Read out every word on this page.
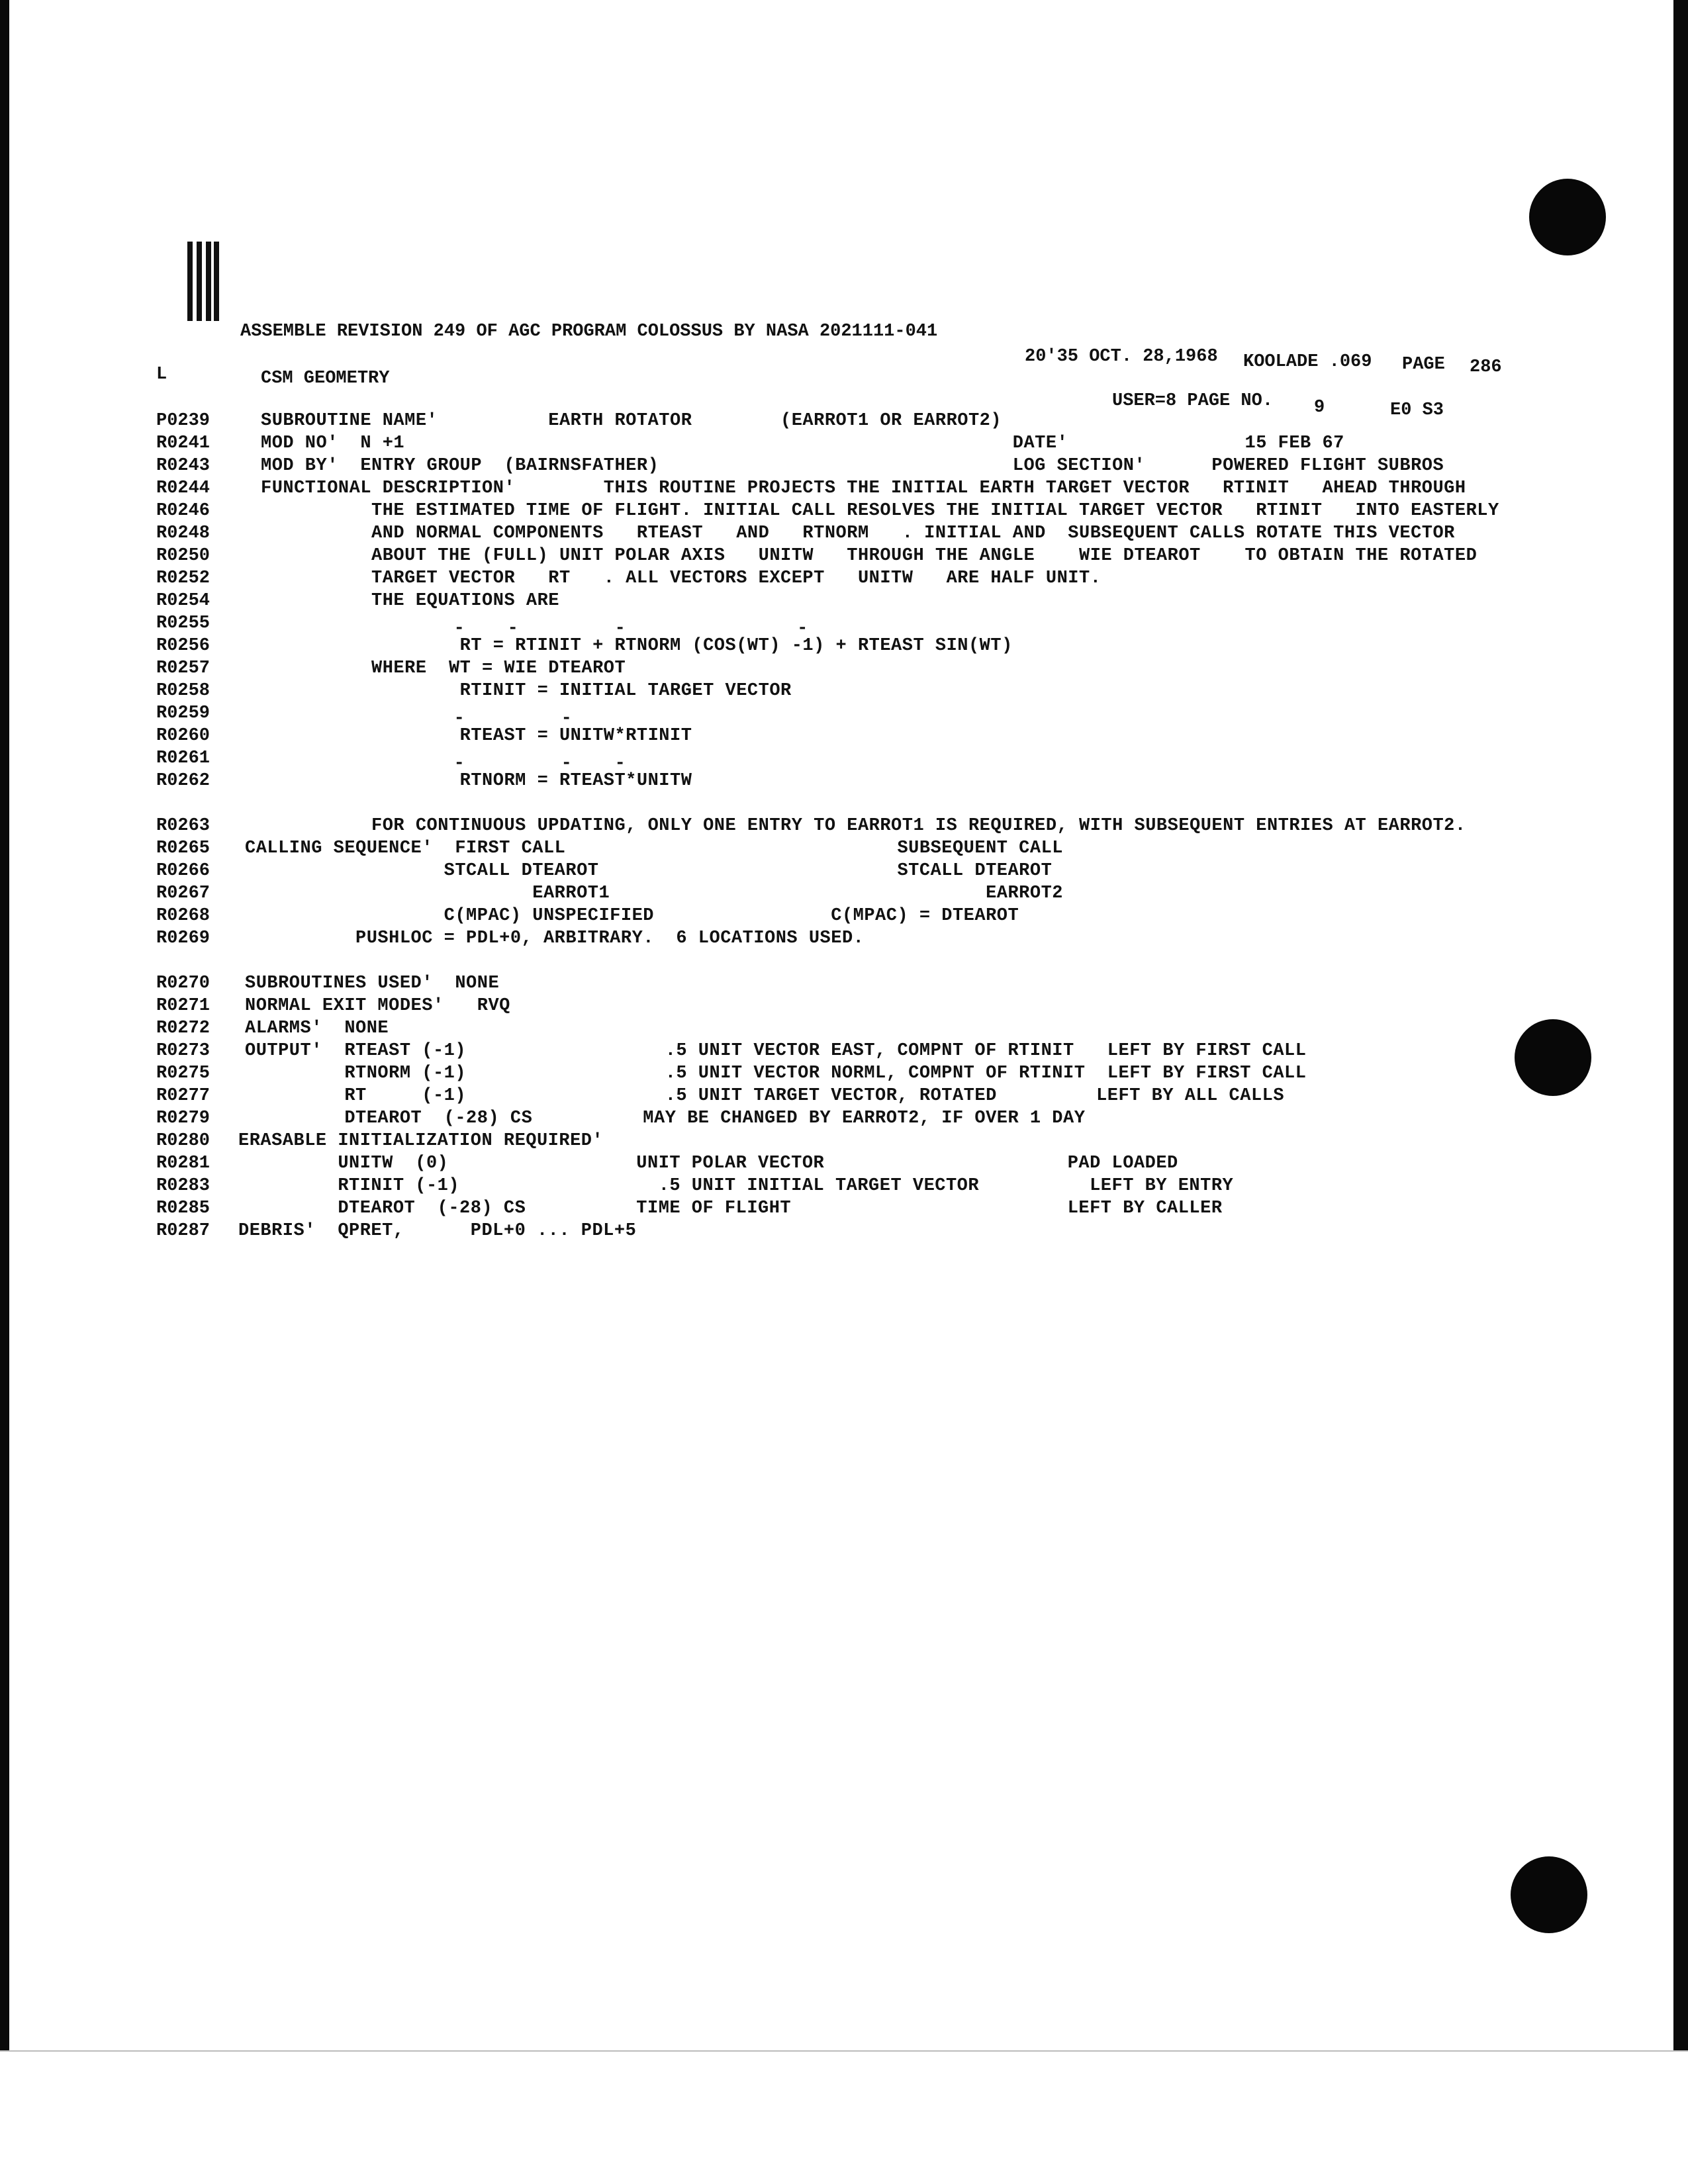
ASSEMBLE REVISION 249 OF AGC PROGRAM COLOSSUS BY NASA 2021111-041
20'35 OCT. 28,1968 KOOLADE .069 PAGE 286
L	CSM GEOMETRY
USER=8 PAGE NO. 9	E0 S3
P0239	SUBROUTINE NAME'          EARTH ROTATOR        (EARROT1 OR EARROT2)
R0241	MOD NO'  N +1                                                       DATE'                15 FEB 67
R0243	MOD BY'  ENTRY GROUP  (BAIRNSFATHER)                                LOG SECTION'      POWERED FLIGHT SUBROS
R0244	FUNCTIONAL DESCRIPTION'        THIS ROUTINE PROJECTS THE INITIAL EARTH TARGET VECTOR   RTINIT   AHEAD THROUGH
R0246	THE ESTIMATED TIME OF FLIGHT. INITIAL CALL RESOLVES THE INITIAL TARGET VECTOR   RTINIT   INTO EASTERLY
R0248	AND NORMAL COMPONENTS   RTEAST   AND   RTNORM   . INITIAL AND  SUBSEQUENT CALLS ROTATE THIS VECTOR
R0250	ABOUT THE (FULL) UNIT POLAR AXIS   UNITW   THROUGH THE ANGLE    WIE DTEAROT    TO OBTAIN THE ROTATED
R0252	TARGET VECTOR   RT   . ALL VECTORS EXCEPT   UNITW   ARE HALF UNIT.
R0254	THE EQUATIONS ARE
R0255	-    -         -                -
R0256	RT = RTINIT + RTNORM (COS(WT) -1) + RTEAST SIN(WT)
R0257	WHERE  WT = WIE DTEAROT
R0258	RTINIT = INITIAL TARGET VECTOR
R0259	-         -
R0260	RTEAST = UNITW*RTINIT
R0261	-         -    -
R0262	RTNORM = RTEAST*UNITW
R0263	FOR CONTINUOUS UPDATING, ONLY ONE ENTRY TO EARROT1 IS REQUIRED, WITH SUBSEQUENT ENTRIES AT EARROT2.
R0265 CALLING SEQUENCE'  FIRST CALL                              SUBSEQUENT CALL
R0266 STCALL DTEAROT                           STCALL DTEAROT
R0267 EARROT1                                  EARROT2
R0268 C(MPAC) UNSPECIFIED                C(MPAC) = DTEAROT
R0269 PUSHLOC = PDL+0, ARBITRARY.  6 LOCATIONS USED.
R0270 SUBROUTINES USED'  NONE
R0271 NORMAL EXIT MODES'   RVQ
R0272 ALARMS'  NONE
R0273 OUTPUT'  RTEAST (-1)                  .5 UNIT VECTOR EAST, COMPNT OF RTINIT   LEFT BY FIRST CALL
R0275 RTNORM (-1)                  .5 UNIT VECTOR NORML, COMPNT OF RTINIT  LEFT BY FIRST CALL
R0277 RT     (-1)                  .5 UNIT TARGET VECTOR, ROTATED         LEFT BY ALL CALLS
R0279 DTEAROT  (-28) CS          MAY BE CHANGED BY EARROT2, IF OVER 1 DAY
R0280 ERASABLE INITIALIZATION REQUIRED'
R0281 UNITW  (0)                 UNIT POLAR VECTOR                      PAD LOADED
R0283 RTINIT (-1)                  .5 UNIT INITIAL TARGET VECTOR          LEFT BY ENTRY
R0285 DTEAROT  (-28) CS          TIME OF FLIGHT                         LEFT BY CALLER
R0287 DEBRIS'  QPRET,      PDL+0 ... PDL+5
